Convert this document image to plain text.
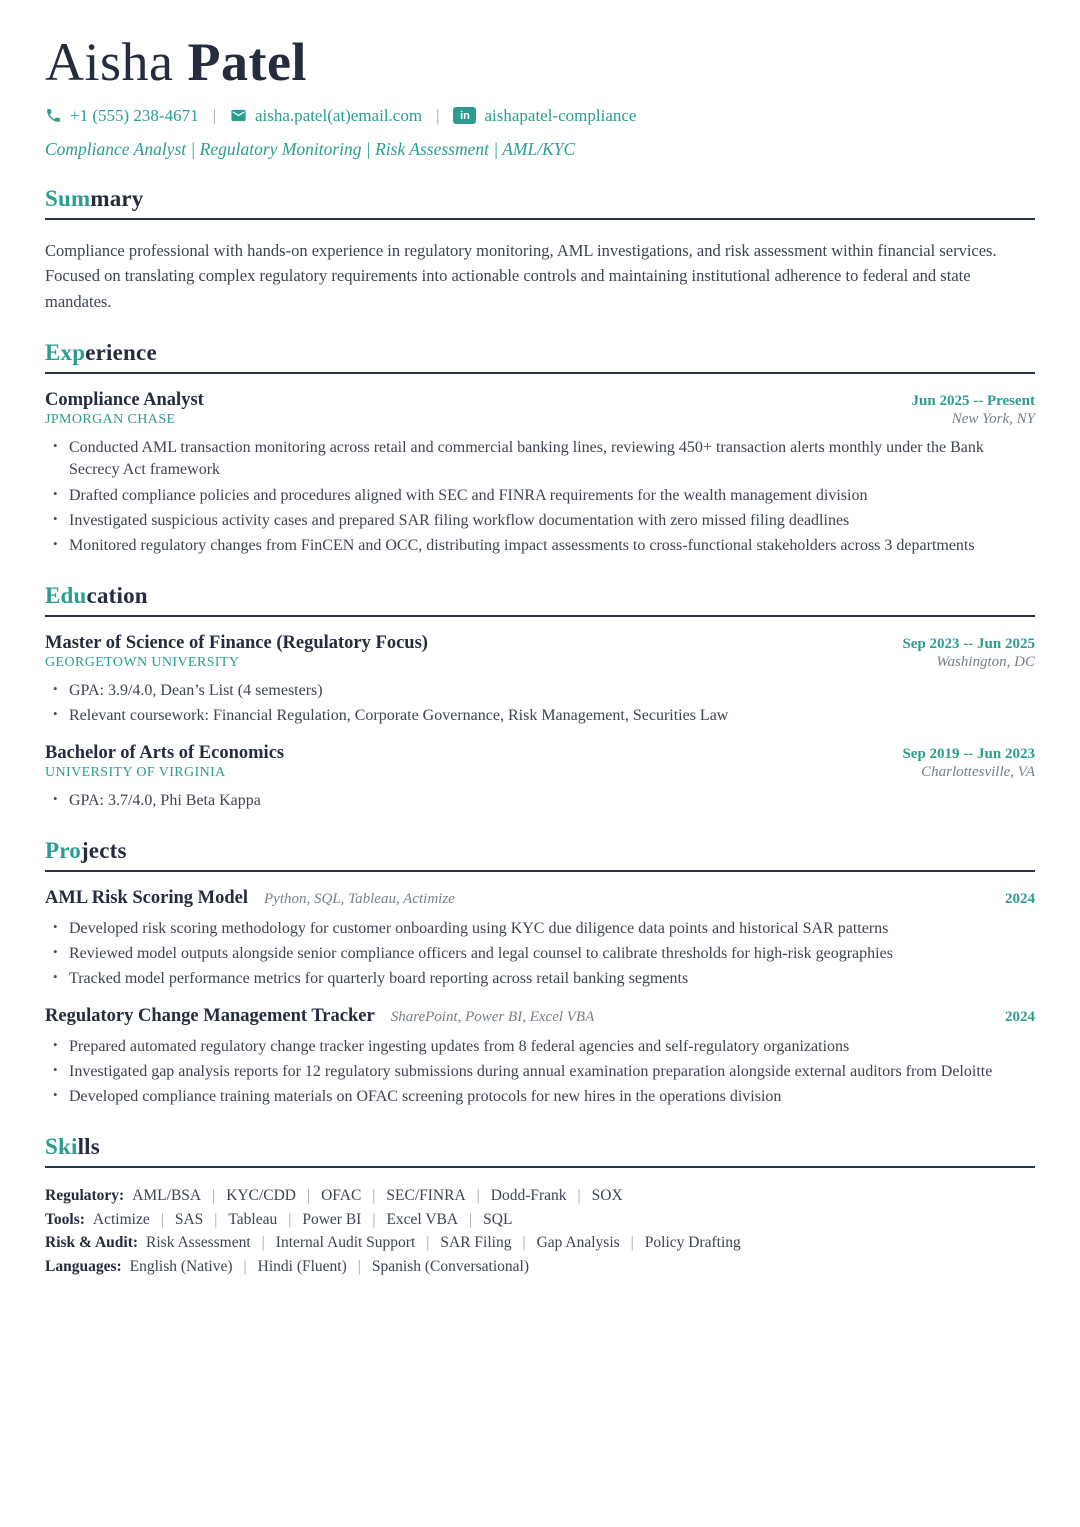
Aisha Patel
+1 (555) 238-4671 | aisha.patel(at)email.com |	in aishapatel-compliance
Compliance Analyst | Regulatory Monitoring | Risk Assessment | AML/KYC
Summary

Compliance professional with hands-on experience in regulatory monitoring, AML investigations, and risk assessment within financial services. Focused on translating complex regulatory requirements into actionable controls and maintaining institutional adherence to federal and state mandates.

Experience
Compliance Analyst	Jun 2025 -- Present
JPMORGAN CHASE	New York, NY
• Conducted AML transaction monitoring across retail and commercial banking lines, reviewing 450+ transaction alerts monthly under the Bank Secrecy Act framework
• Drafted compliance policies and procedures aligned with SEC and FINRA requirements for the wealth management division
• Investigated suspicious activity cases and prepared SAR filing workflow documentation with zero missed filing deadlines
• Monitored regulatory changes from FinCEN and OCC, distributing impact assessments to cross-functional stakeholders across 3 departments
Education
Master of Science of Finance (Regulatory Focus)	Sep 2023 -- Jun 2025
GEORGETOWN UNIVERSITY	Washington, DC
• GPA: 3.9/4.0, Dean’s List (4 semesters)
• Relevant coursework: Financial Regulation, Corporate Governance, Risk Management, Securities Law
Bachelor of Arts of Economics	Sep 2019 -- Jun 2023
UNIVERSITY OF VIRGINIA	Charlottesville, VA
• GPA: 3.7/4.0, Phi Beta Kappa
Projects
AML Risk Scoring Model Python, SQL, Tableau, Actimize	2024
• Developed risk scoring methodology for customer onboarding using KYC due diligence data points and historical SAR patterns
• Reviewed model outputs alongside senior compliance officers and legal counsel to calibrate thresholds for high-risk geographies
• Tracked model performance metrics for quarterly board reporting across retail banking segments
Regulatory Change Management Tracker SharePoint, Power BI, Excel VBA	2024
• Prepared automated regulatory change tracker ingesting updates from 8 federal agencies and self-regulatory organizations
• Investigated gap analysis reports for 12 regulatory submissions during annual examination preparation alongside external auditors from Deloitte
• Developed compliance training materials on OFAC screening protocols for new hires in the operations division
Skills
Regulatory: AML/BSA | KYC/CDD | OFAC | SEC/FINRA | Dodd-Frank | SOX
Tools: Actimize | SAS | Tableau | Power BI | Excel VBA | SQL
Risk & Audit: Risk Assessment | Internal Audit Support | SAR Filing | Gap Analysis | Policy Drafting
Languages: English (Native) | Hindi (Fluent) | Spanish (Conversational)
